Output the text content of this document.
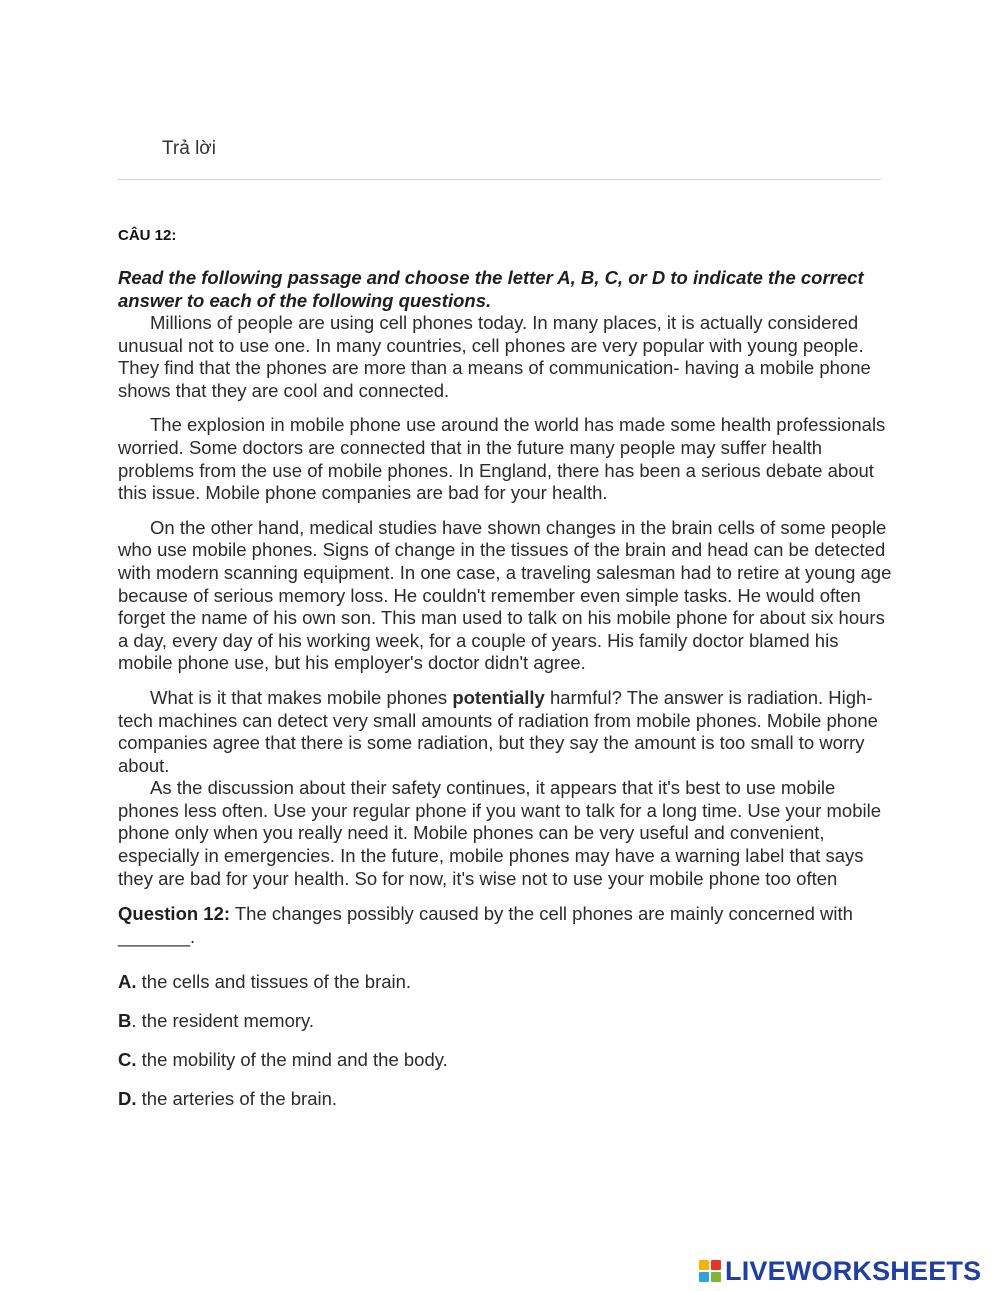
Trả lời

CÂU 12:

Read the following passage and choose the letter A, B, C, or D to indicate the correct answer to each of the following questions.

Millions of people are using cell phones today. In many places, it is actually considered unusual not to use one. In many countries, cell phones are very popular with young people. They find that the phones are more than a means of communication- having a mobile phone shows that they are cool and connected.

The explosion in mobile phone use around the world has made some health professionals worried. Some doctors are connected that in the future many people may suffer health problems from the use of mobile phones. In England, there has been a serious debate about this issue. Mobile phone companies are bad for your health.

On the other hand, medical studies have shown changes in the brain cells of some people who use mobile phones. Signs of change in the tissues of the brain and head can be detected with modern scanning equipment. In one case, a traveling salesman had to retire at young age because of serious memory loss. He couldn't remember even simple tasks. He would often forget the name of his own son. This man used to talk on his mobile phone for about six hours a day, every day of his working week, for a couple of years. His family doctor blamed his mobile phone use, but his employer's doctor didn't agree.

What is it that makes mobile phones potentially harmful? The answer is radiation. High-tech machines can detect very small amounts of radiation from mobile phones. Mobile phone companies agree that there is some radiation, but they say the amount is too small to worry about.

As the discussion about their safety continues, it appears that it's best to use mobile phones less often. Use your regular phone if you want to talk for a long time. Use your mobile phone only when you really need it. Mobile phones can be very useful and convenient, especially in emergencies. In the future, mobile phones may have a warning label that says they are bad for your health. So for now, it's wise not to use your mobile phone too often

Question 12: The changes possibly caused by the cell phones are mainly concerned with _______.

A. the cells and tissues of the brain.

B. the resident memory.

C. the mobility of the mind and the body.

D. the arteries of the brain.

LIVEWORKSHEETS
